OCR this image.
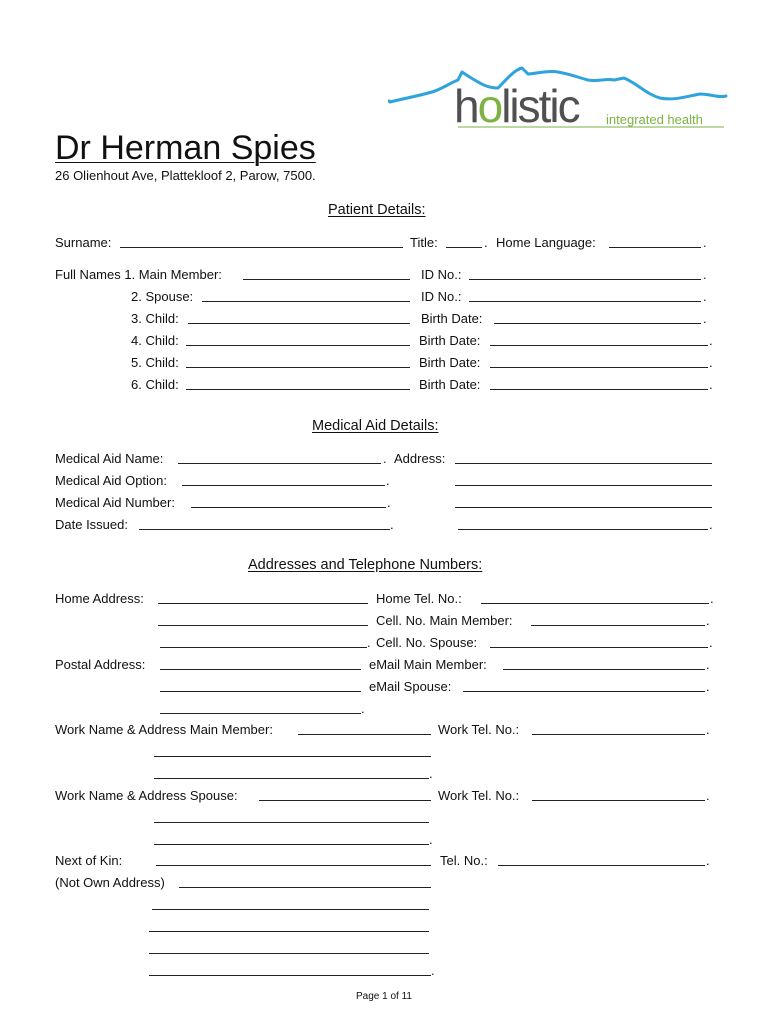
holistic integrated health
Dr Herman Spies
26 Olienhout Ave, Plattekloof 2, Parow, 7500.
Patient Details:
Surname:	Title:	. Home Language:	.
Full Names 1. Main Member:	ID No.:	.
2. Spouse:	ID No.:	.
3. Child:	Birth Date:	.
4. Child:	Birth Date:	.
5. Child:	Birth Date:	.
6. Child:	Birth Date:	.
Medical Aid Details:
Medical Aid Name:	. Address:
Medical Aid Option:	.
Medical Aid Number:	.
Date Issued:	.	.
Addresses and Telephone Numbers:
Home Address:	Home Tel. No.:	.
Cell. No. Main Member:	.
. Cell. No. Spouse:	.
Postal Address:	eMail Main Member:	.
eMail Spouse:	.
.
Work Name & Address Main Member:	Work Tel. No.:	.
.
Work Name & Address Spouse:	Work Tel. No.:	.
.
Next of Kin:	Tel. No.:	.
(Not Own Address)
.
Page 1 of 11
